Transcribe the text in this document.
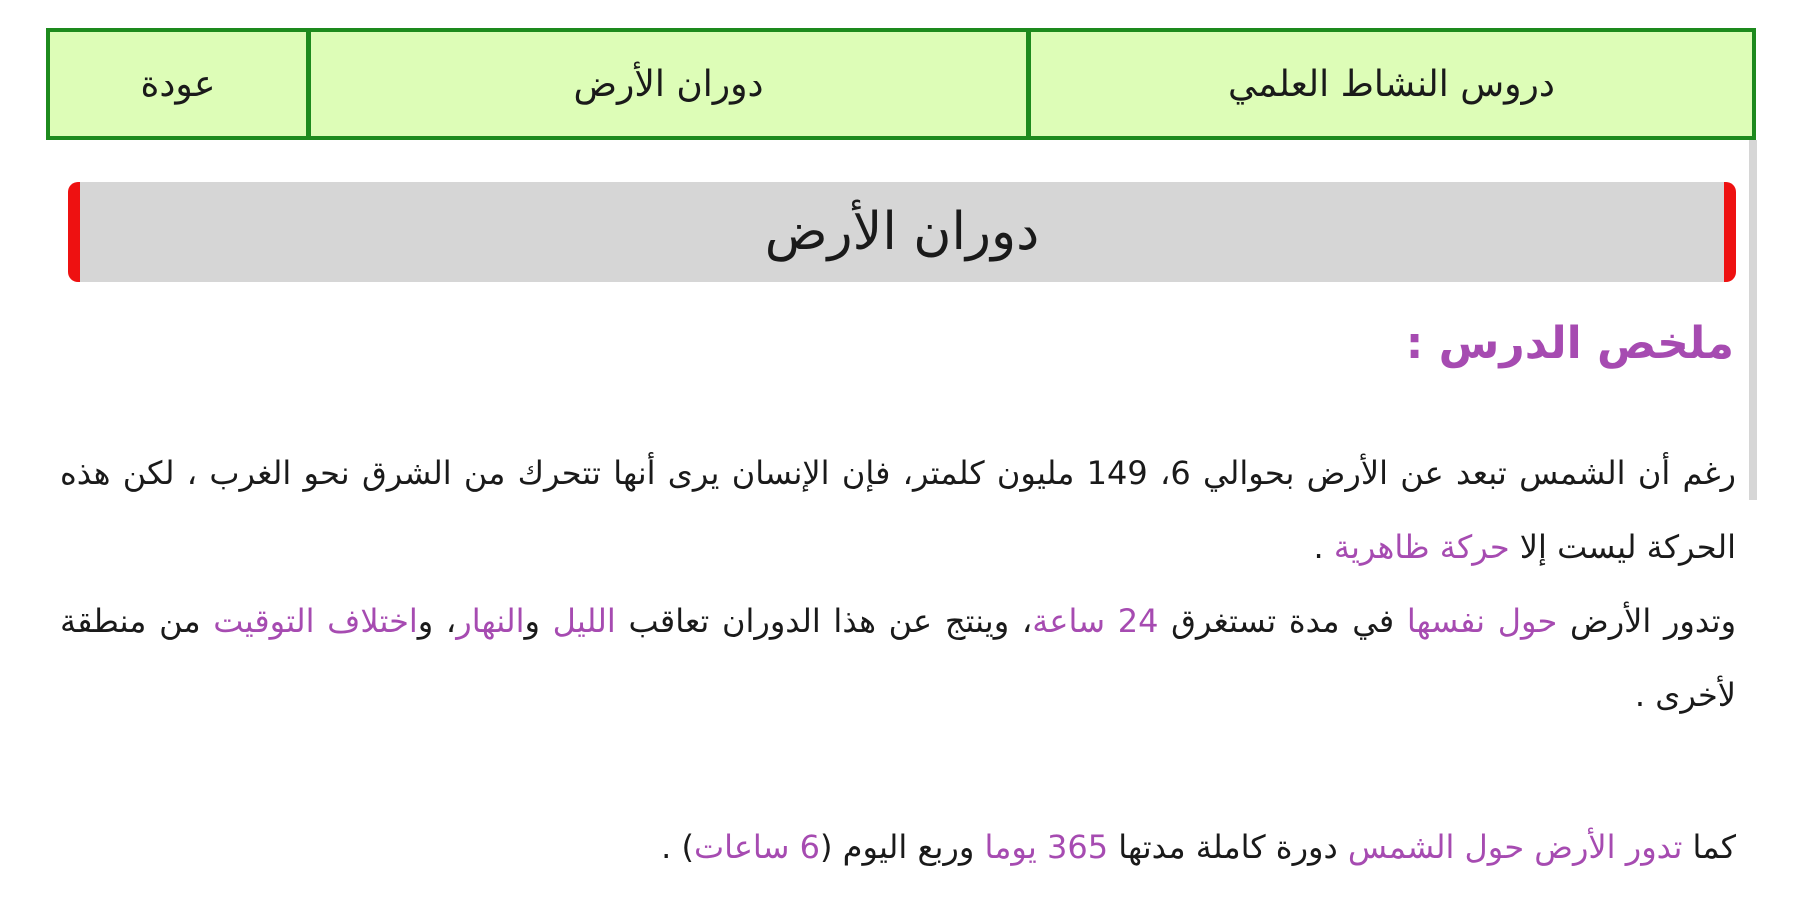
دروس النشاط العلمي
دوران الأرض
عودة
دوران الأرض
ملخص الدرس :
رغم أن الشمس تبعد عن الأرض بحوالي 6، 149 مليون كلمتر، فإن الإنسان يرى أنها تتحرك من الشرق نحو الغرب ، لكن هذه الحركة ليست إلا حركة ظاهرية .
وتدور الأرض حول نفسها في مدة تستغرق 24 ساعة، وينتج عن هذا الدوران تعاقب الليل والنهار، واختلاف التوقيت من منطقة لأخرى .
كما تدور الأرض حول الشمس دورة كاملة مدتها 365 يوما وربع اليوم (6 ساعات) .
